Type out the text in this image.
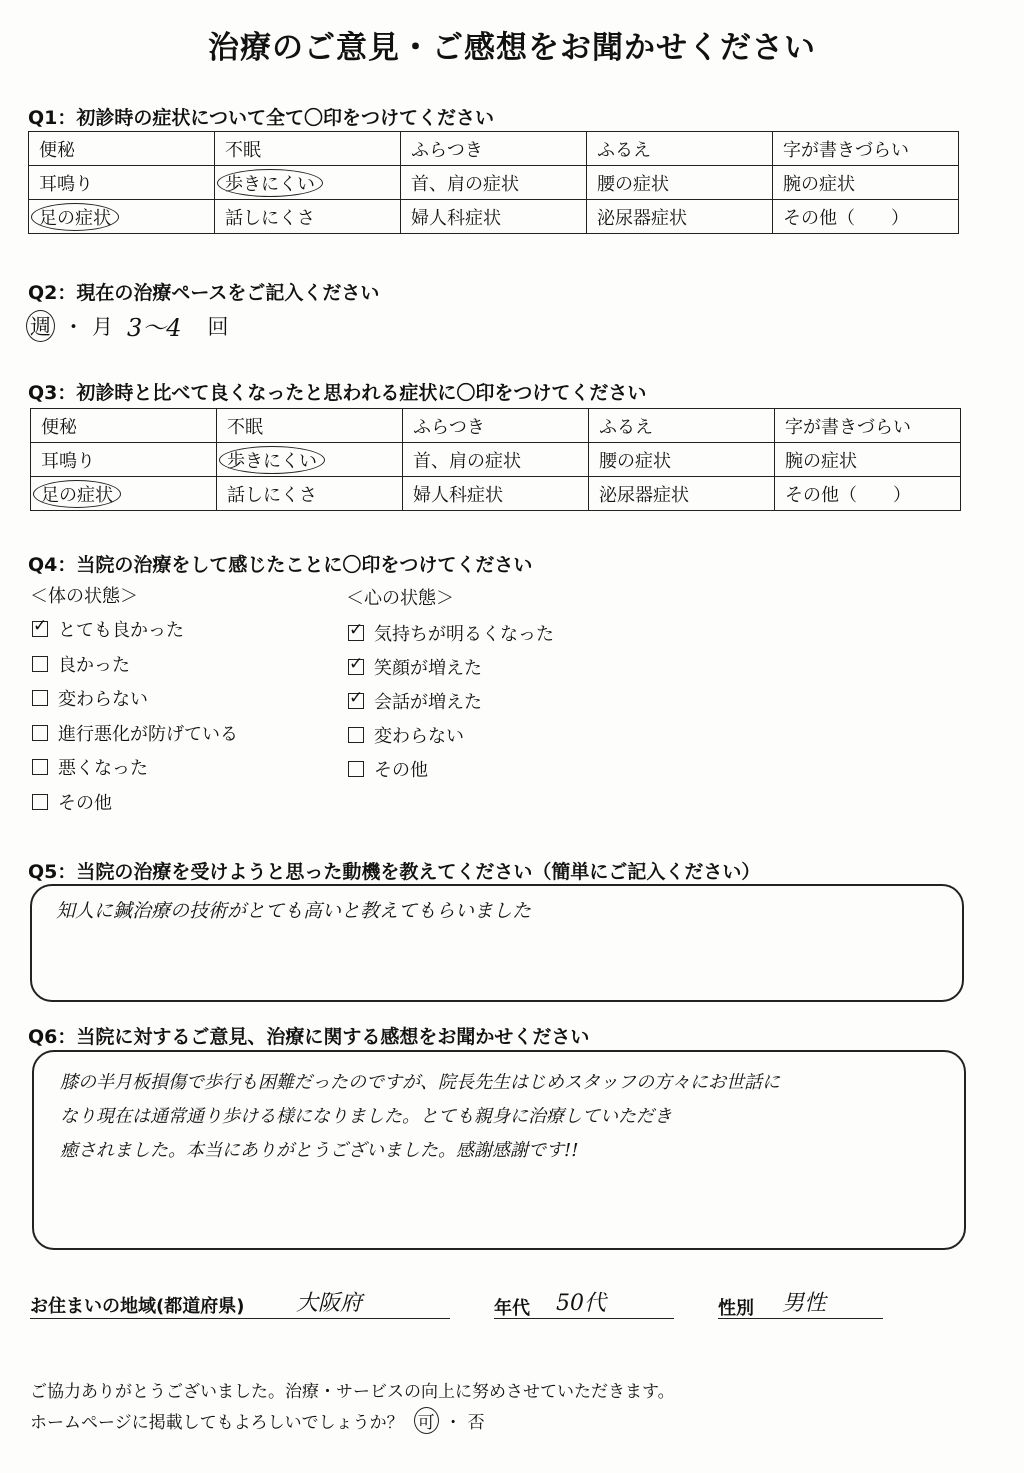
治療のご意見・ご感想をお聞かせください
Q1：初診時の症状について全て〇印をつけてください
便秘	不眠	ふらつき	ふるえ	字が書きづらい
耳鳴り	歩きにくい	首、肩の症状	腰の症状	腕の症状
足の症状	話しにくさ	婦人科症状	泌尿器症状	その他（　　）
Q2：現在の治療ペースをご記入ください
週 ・ 月 3～4 回
Q3：初診時と比べて良くなったと思われる症状に〇印をつけてください
便秘	不眠	ふらつき	ふるえ	字が書きづらい
耳鳴り	歩きにくい	首、肩の症状	腰の症状	腕の症状
足の症状	話しにくさ	婦人科症状	泌尿器症状	その他（　　）
Q4：当院の治療をして感じたことに〇印をつけてください
＜体の状態＞	＜心の状態＞
✓
とても良かった
良かった
変わらない
進行悪化が防げている
悪くなった
その他
✓
気持ちが明るくなった
✓
笑顔が増えた
✓
会話が増えた
変わらない
その他
Q5：当院の治療を受けようと思った動機を教えてください（簡単にご記入ください）
知人に鍼治療の技術がとても高いと教えてもらいました
Q6：当院に対するご意見、治療に関する感想をお聞かせください
膝の半月板損傷で歩行も困難だったのですが、院長先生はじめスタッフの方々にお世話に
なり現在は通常通り歩ける様になりました。とても親身に治療していただき
癒されました。本当にありがとうございました。感謝感謝です!!
お住まいの地域(都道府県) 大阪府	年代 50代	性別 男性
ご協力ありがとうございました。治療・サービスの向上に努めさせていただきます。
ホームページに掲載してもよろしいでしょうか？ 可 ・ 否
